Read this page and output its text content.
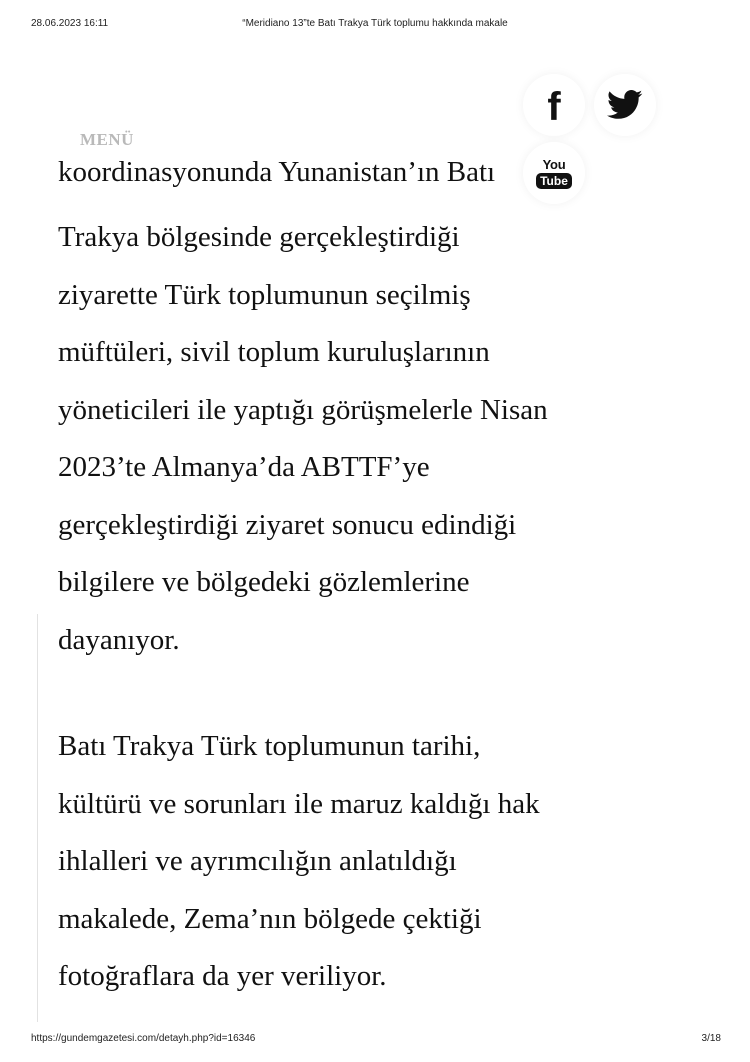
28.06.2023 16:11	“Meridiano 13”te Batı Trakya Türk toplumu hakkında makale
koordinasyonunda Yunanistan’ın Batı
Trakya bölgesinde gerçekleştirdiği
ziyarette Türk toplumunun seçilmiş
müftüleri, sivil toplum kuruluşlarının
yöneticileri ile yaptığı görüşmelerle Nisan
2023’te Almanya’da ABTTF’ye
gerçekleştirdiği ziyaret sonucu edindiği
bilgilere ve bölgedeki gözlemlerine
dayanıyor.
Batı Trakya Türk toplumunun tarihi,
kültürü ve sorunları ile maruz kaldığı hak
ihlalleri ve ayrımcılığın anlatıldığı
makalede, Zema’nın bölgede çektiği
fotoğraflara da yer veriliyor.
MENÜ
f
You
Tube
https://gundemgazetesi.com/detayh.php?id=16346	3/18
